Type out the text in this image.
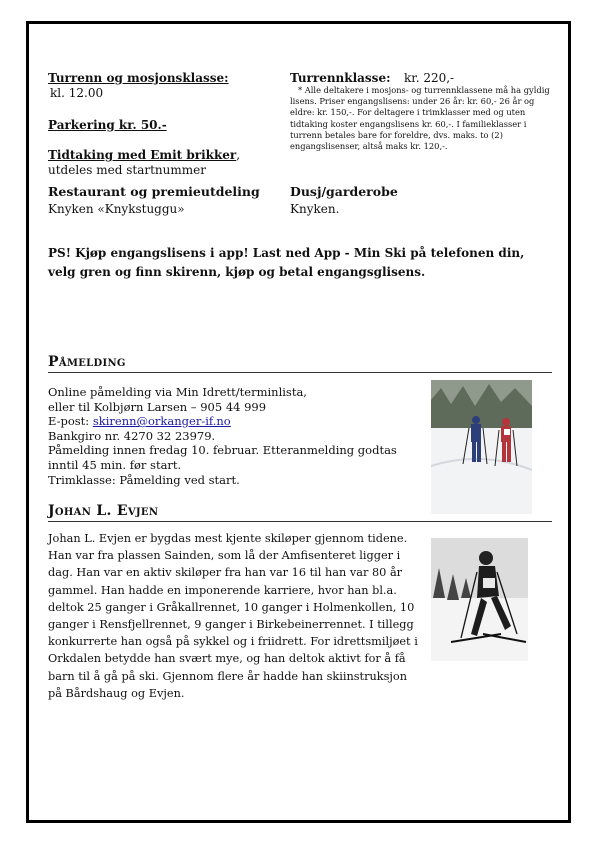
Turrenn og mosjonsklasse:
kl. 12.00
Parkering kr. 50.-
Tidtaking med Emit brikker, utdeles med startnummer
Restaurant og premieutdeling
Knyken «Knykstuggu»
Turrennklasse: kr. 220,-
* Alle deltakere i mosjons- og turrennklassene må ha gyldig lisens. Priser engangslisens: under 26 år: kr. 60,- 26 år og eldre: kr. 150,-. For deltagere i trimklasser med og uten tidtaking koster engangslisens kr. 60,-. I familieklasser i turrenn betales bare for foreldre, dvs. maks. to (2) engangslisenser, altså maks kr. 120,-.
Dusj/garderobe
Knyken.
PS! Kjøp engangslisens i app! Last ned App - Min Ski på telefonen din, velg gren og finn skirenn, kjøp og betal engangsglisens.
Påmelding
Online påmelding via Min Idrett/terminlista,
eller til Kolbjørn Larsen – 905 44 999
E-post: skirenn@orkanger-if.no
Bankgiro nr. 4270 32 23979.
Påmelding innen fredag 10. februar. Etteranmelding godtas inntil 45 min. før start.
Trimklasse: Påmelding ved start.
Johan L. Evjen
Johan L. Evjen er bygdas mest kjente skiløper gjennom tidene. Han var fra plassen Sainden, som lå der Amfisenteret ligger i dag. Han var en aktiv skiløper fra han var 16 til han var 80 år gammel. Han hadde en imponerende karriere, hvor han bl.a. deltok 25 ganger i Gråkallrennet, 10 ganger i Holmenkollen, 10 ganger i Rensfjellrennet, 9 ganger i Birkebeinerrennet. I tillegg konkurrerte han også på sykkel og i friidrett. For idrettsmiljøet i Orkdalen betydde han svært mye, og han deltok aktivt for å få barn til å gå på ski. Gjennom flere år hadde han skiinstruksjon på Bårdshaug og Evjen.
